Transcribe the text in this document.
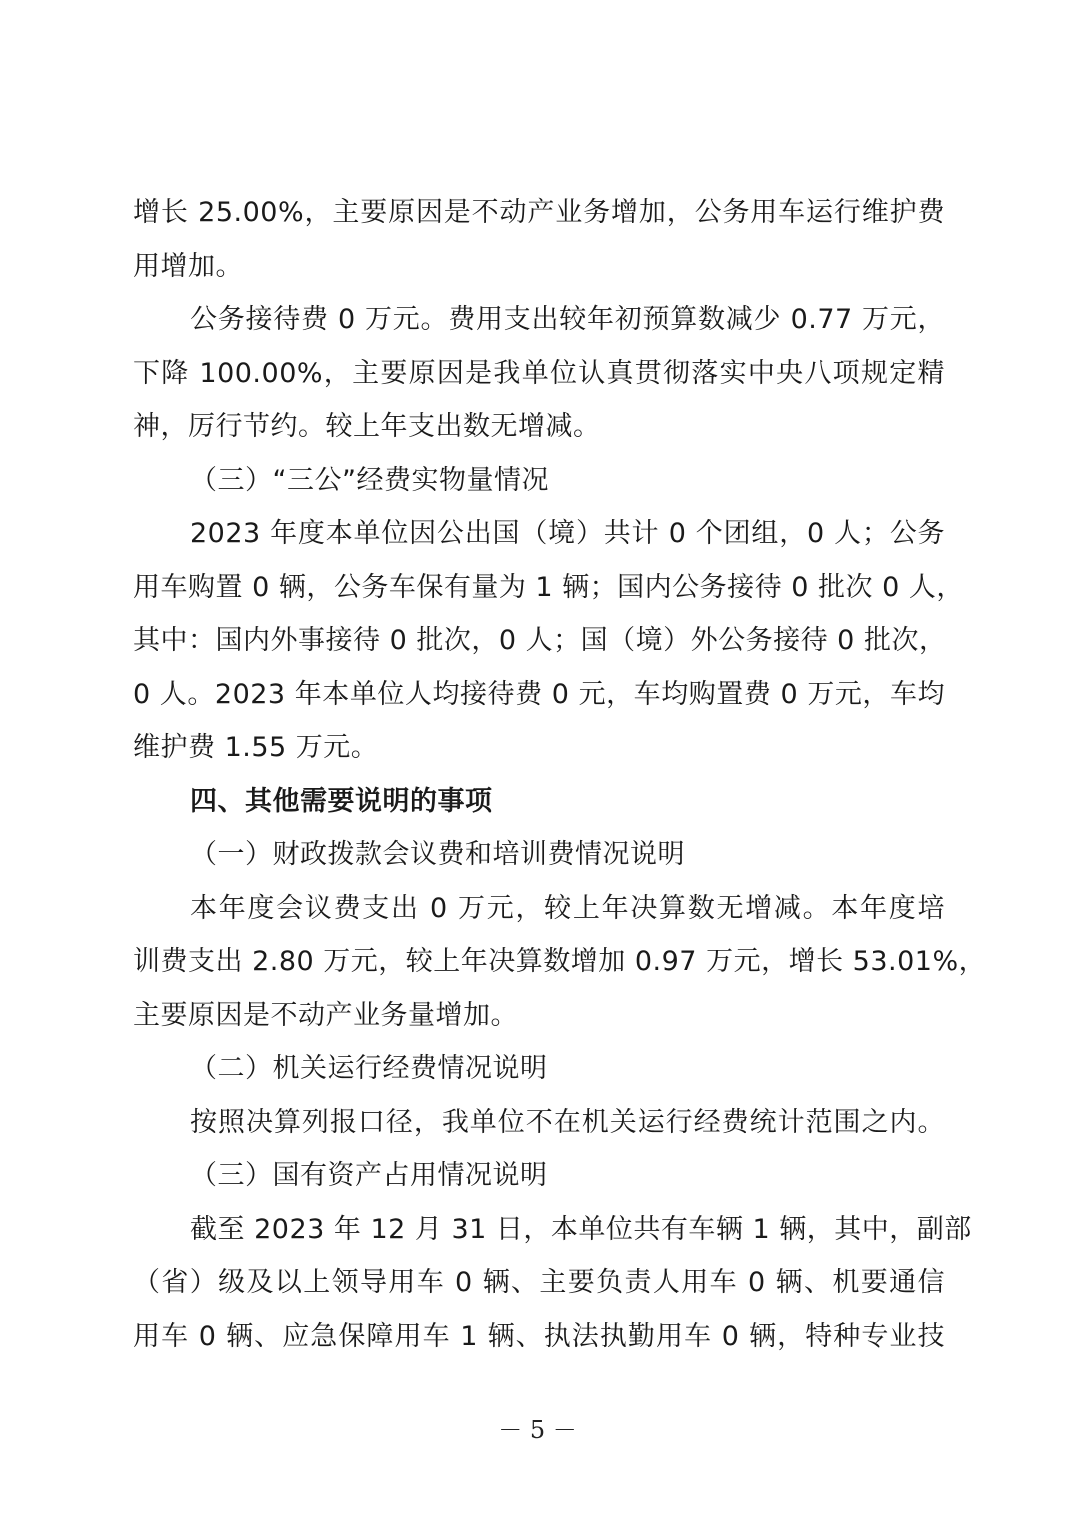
增长 25.00%，主要原因是不动产业务增加，公务用车运行维护费
用增加。
公务接待费 0 万元。费用支出较年初预算数减少 0.77 万元，
下降 100.00%，主要原因是我单位认真贯彻落实中央八项规定精
神，厉行节约。较上年支出数无增减。
（三）“三公”经费实物量情况
2023 年度本单位因公出国（境）共计 0 个团组，0 人；公务
用车购置 0 辆，公务车保有量为 1 辆；国内公务接待 0 批次 0 人，
其中：国内外事接待 0 批次，0 人；国（境）外公务接待 0 批次，
0 人。2023 年本单位人均接待费 0 元，车均购置费 0 万元，车均
维护费 1.55 万元。
四、其他需要说明的事项
（一）财政拨款会议费和培训费情况说明
本年度会议费支出 0 万元，较上年决算数无增减。本年度培
训费支出 2.80 万元，较上年决算数增加 0.97 万元，增长 53.01%，
主要原因是不动产业务量增加。
（二）机关运行经费情况说明
按照决算列报口径，我单位不在机关运行经费统计范围之内。
（三）国有资产占用情况说明
截至 2023 年 12 月 31 日，本单位共有车辆 1 辆，其中，副部
（省）级及以上领导用车 0 辆、主要负责人用车 0 辆、机要通信
用车 0 辆、应急保障用车 1 辆、执法执勤用车 0 辆，特种专业技
－ 5 －
